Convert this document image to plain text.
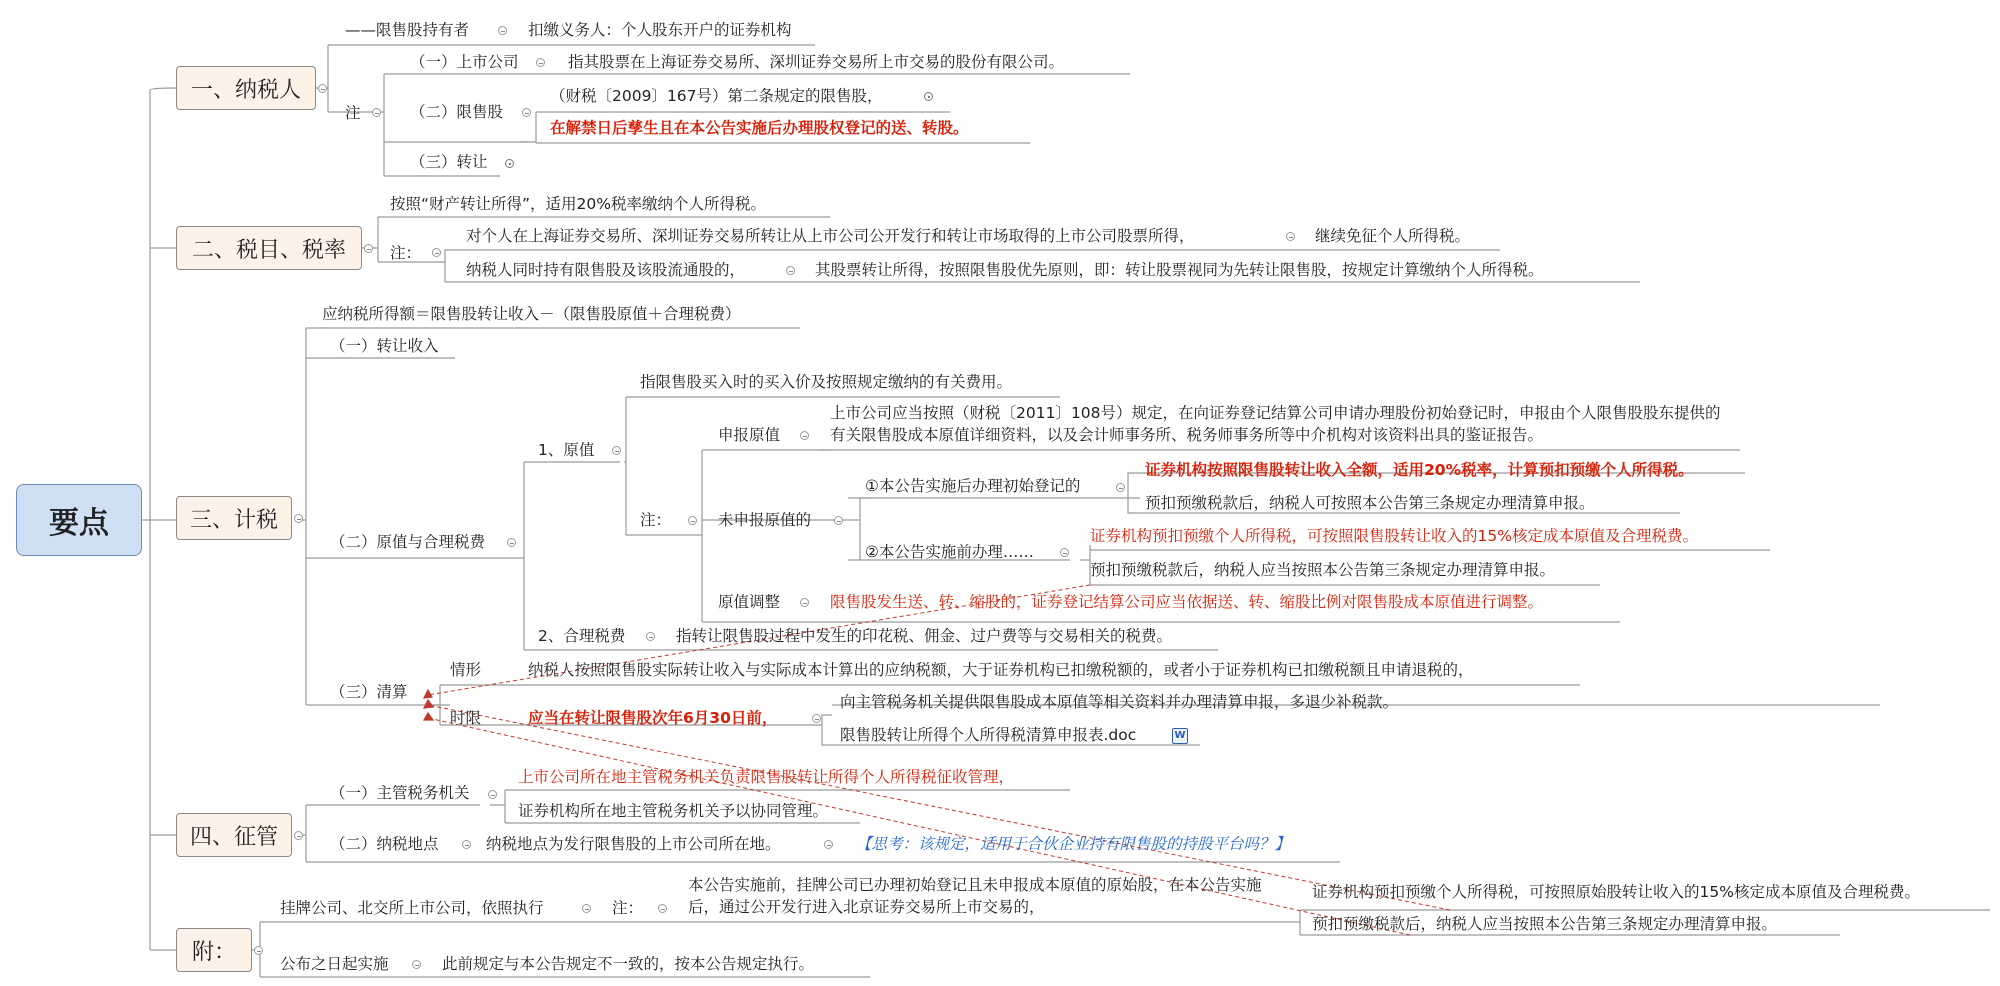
要点
一、纳税人
——限售股持有者	扣缴义务人：个人股东开户的证券机构
注
（一）上市公司	指其股票在上海证券交易所、深圳证券交易所上市交易的股份有限公司。
（二）限售股
（财税〔2009〕167号）第二条规定的限售股，
在解禁日后孳生且在本公告实施后办理股权登记的送、转股。
（三）转让
二、税目、税率
按照“财产转让所得”，适用20%税率缴纳个人所得税。
注：
对个人在上海证券交易所、深圳证券交易所转让从上市公司公开发行和转让市场取得的上市公司股票所得，	继续免征个人所得税。
纳税人同时持有限售股及该股流通股的，	其股票转让所得，按照限售股优先原则，即：转让股票视同为先转让限售股，按规定计算缴纳个人所得税。
三、计税
应纳税所得额＝限售股转让收入－（限售股原值＋合理税费）
（一）转让收入
（二）原值与合理税费
1、原值
指限售股买入时的买入价及按照规定缴纳的有关费用。
注：
申报原值
上市公司应当按照（财税〔2011〕108号）规定，在向证券登记结算公司申请办理股份初始登记时，申报由个人限售股股东提供的有关限售股成本原值详细资料，以及会计师事务所、税务师事务所等中介机构对该资料出具的鉴证报告。
未申报原值的
①本公告实施后办理初始登记的
证券机构按照限售股转让收入全额，适用20%税率，计算预扣预缴个人所得税。
预扣预缴税款后，纳税人可按照本公告第三条规定办理清算申报。
②本公告实施前办理……
证券机构预扣预缴个人所得税，可按照限售股转让收入的15%核定成本原值及合理税费。
预扣预缴税款后，纳税人应当按照本公告第三条规定办理清算申报。
原值调整	限售股发生送、转、缩股的，证券登记结算公司应当依据送、转、缩股比例对限售股成本原值进行调整。
2、合理税费	指转让限售股过程中发生的印花税、佣金、过户费等与交易相关的税费。
（三）清算
情形	纳税人按照限售股实际转让收入与实际成本计算出的应纳税额，大于证券机构已扣缴税额的，或者小于证券机构已扣缴税额且申请退税的，
时限	应当在转让限售股次年6月30日前，
向主管税务机关提供限售股成本原值等相关资料并办理清算申报，多退少补税款。
限售股转让所得个人所得税清算申报表.doc	W
四、征管
（一）主管税务机关
上市公司所在地主管税务机关负责限售股转让所得个人所得税征收管理，
证券机构所在地主管税务机关予以协同管理。
（二）纳税地点	纳税地点为发行限售股的上市公司所在地。	【思考：该规定，适用于合伙企业持有限售股的持股平台吗？】
附：
挂牌公司、北交所上市公司，依照执行	注：
本公告实施前，挂牌公司已办理初始登记且未申报成本原值的原始股，在本公告实施后，通过公开发行进入北京证券交易所上市交易的，
证券机构预扣预缴个人所得税，可按照原始股转让收入的15%核定成本原值及合理税费。
预扣预缴税款后，纳税人应当按照本公告第三条规定办理清算申报。
公布之日起实施	此前规定与本公告规定不一致的，按本公告规定执行。
